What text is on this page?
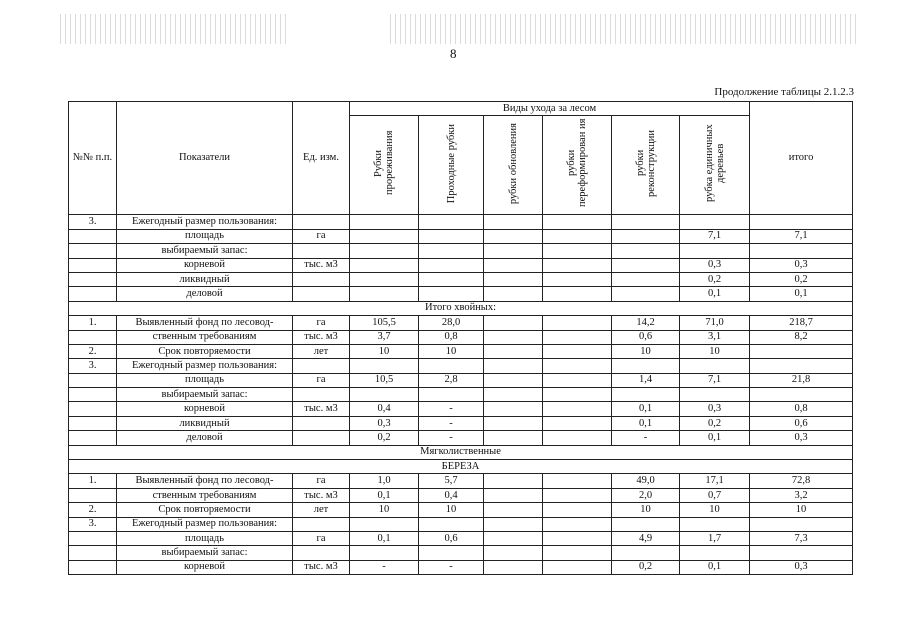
8
Продолжение таблицы 2.1.2.3
№№ п.п.	Показатели	Ед. изм.	Виды ухода за лесом						итого
			Рубки прореживания	Проходные рубки	рубки обновления	рубки переформирован ия	рубки реконструкции	рубка единичных деревьев	
3.	Ежегодный размер пользования:								
	площадь	га						7,1	7,1
	выбираемый запас:								
	корневой	тыс. м3						0,3	0,3
	ликвидный							0,2	0,2
	деловой							0,1	0,1
Итого хвойных:									
1.	Выявленный фонд по лесовод-	га	105,5	28,0			14,2	71,0	218,7
	ственным требованиям	тыс. м3	3,7	0,8			0,6	3,1	8,2
2.	Срок повторяемости	лет	10	10			10	10	
3.	Ежегодный размер пользования:								
	площадь	га	10,5	2,8			1,4	7,1	21,8
	выбираемый запас:								
	корневой	тыс. м3	0,4	-			0,1	0,3	0,8
	ликвидный		0,3	-			0,1	0,2	0,6
	деловой		0,2	-			-	0,1	0,3
Мягколиственные									
БЕРЕЗА									
1.	Выявленный фонд по лесовод-	га	1,0	5,7			49,0	17,1	72,8
	ственным требованиям	тыс. м3	0,1	0,4			2,0	0,7	3,2
2.	Срок повторяемости	лет	10	10			10	10	10
3.	Ежегодный размер пользования:								
	площадь	га	0,1	0,6			4,9	1,7	7,3
	выбираемый запас:								
	корневой	тыс. м3	-	-			0,2	0,1	0,3
